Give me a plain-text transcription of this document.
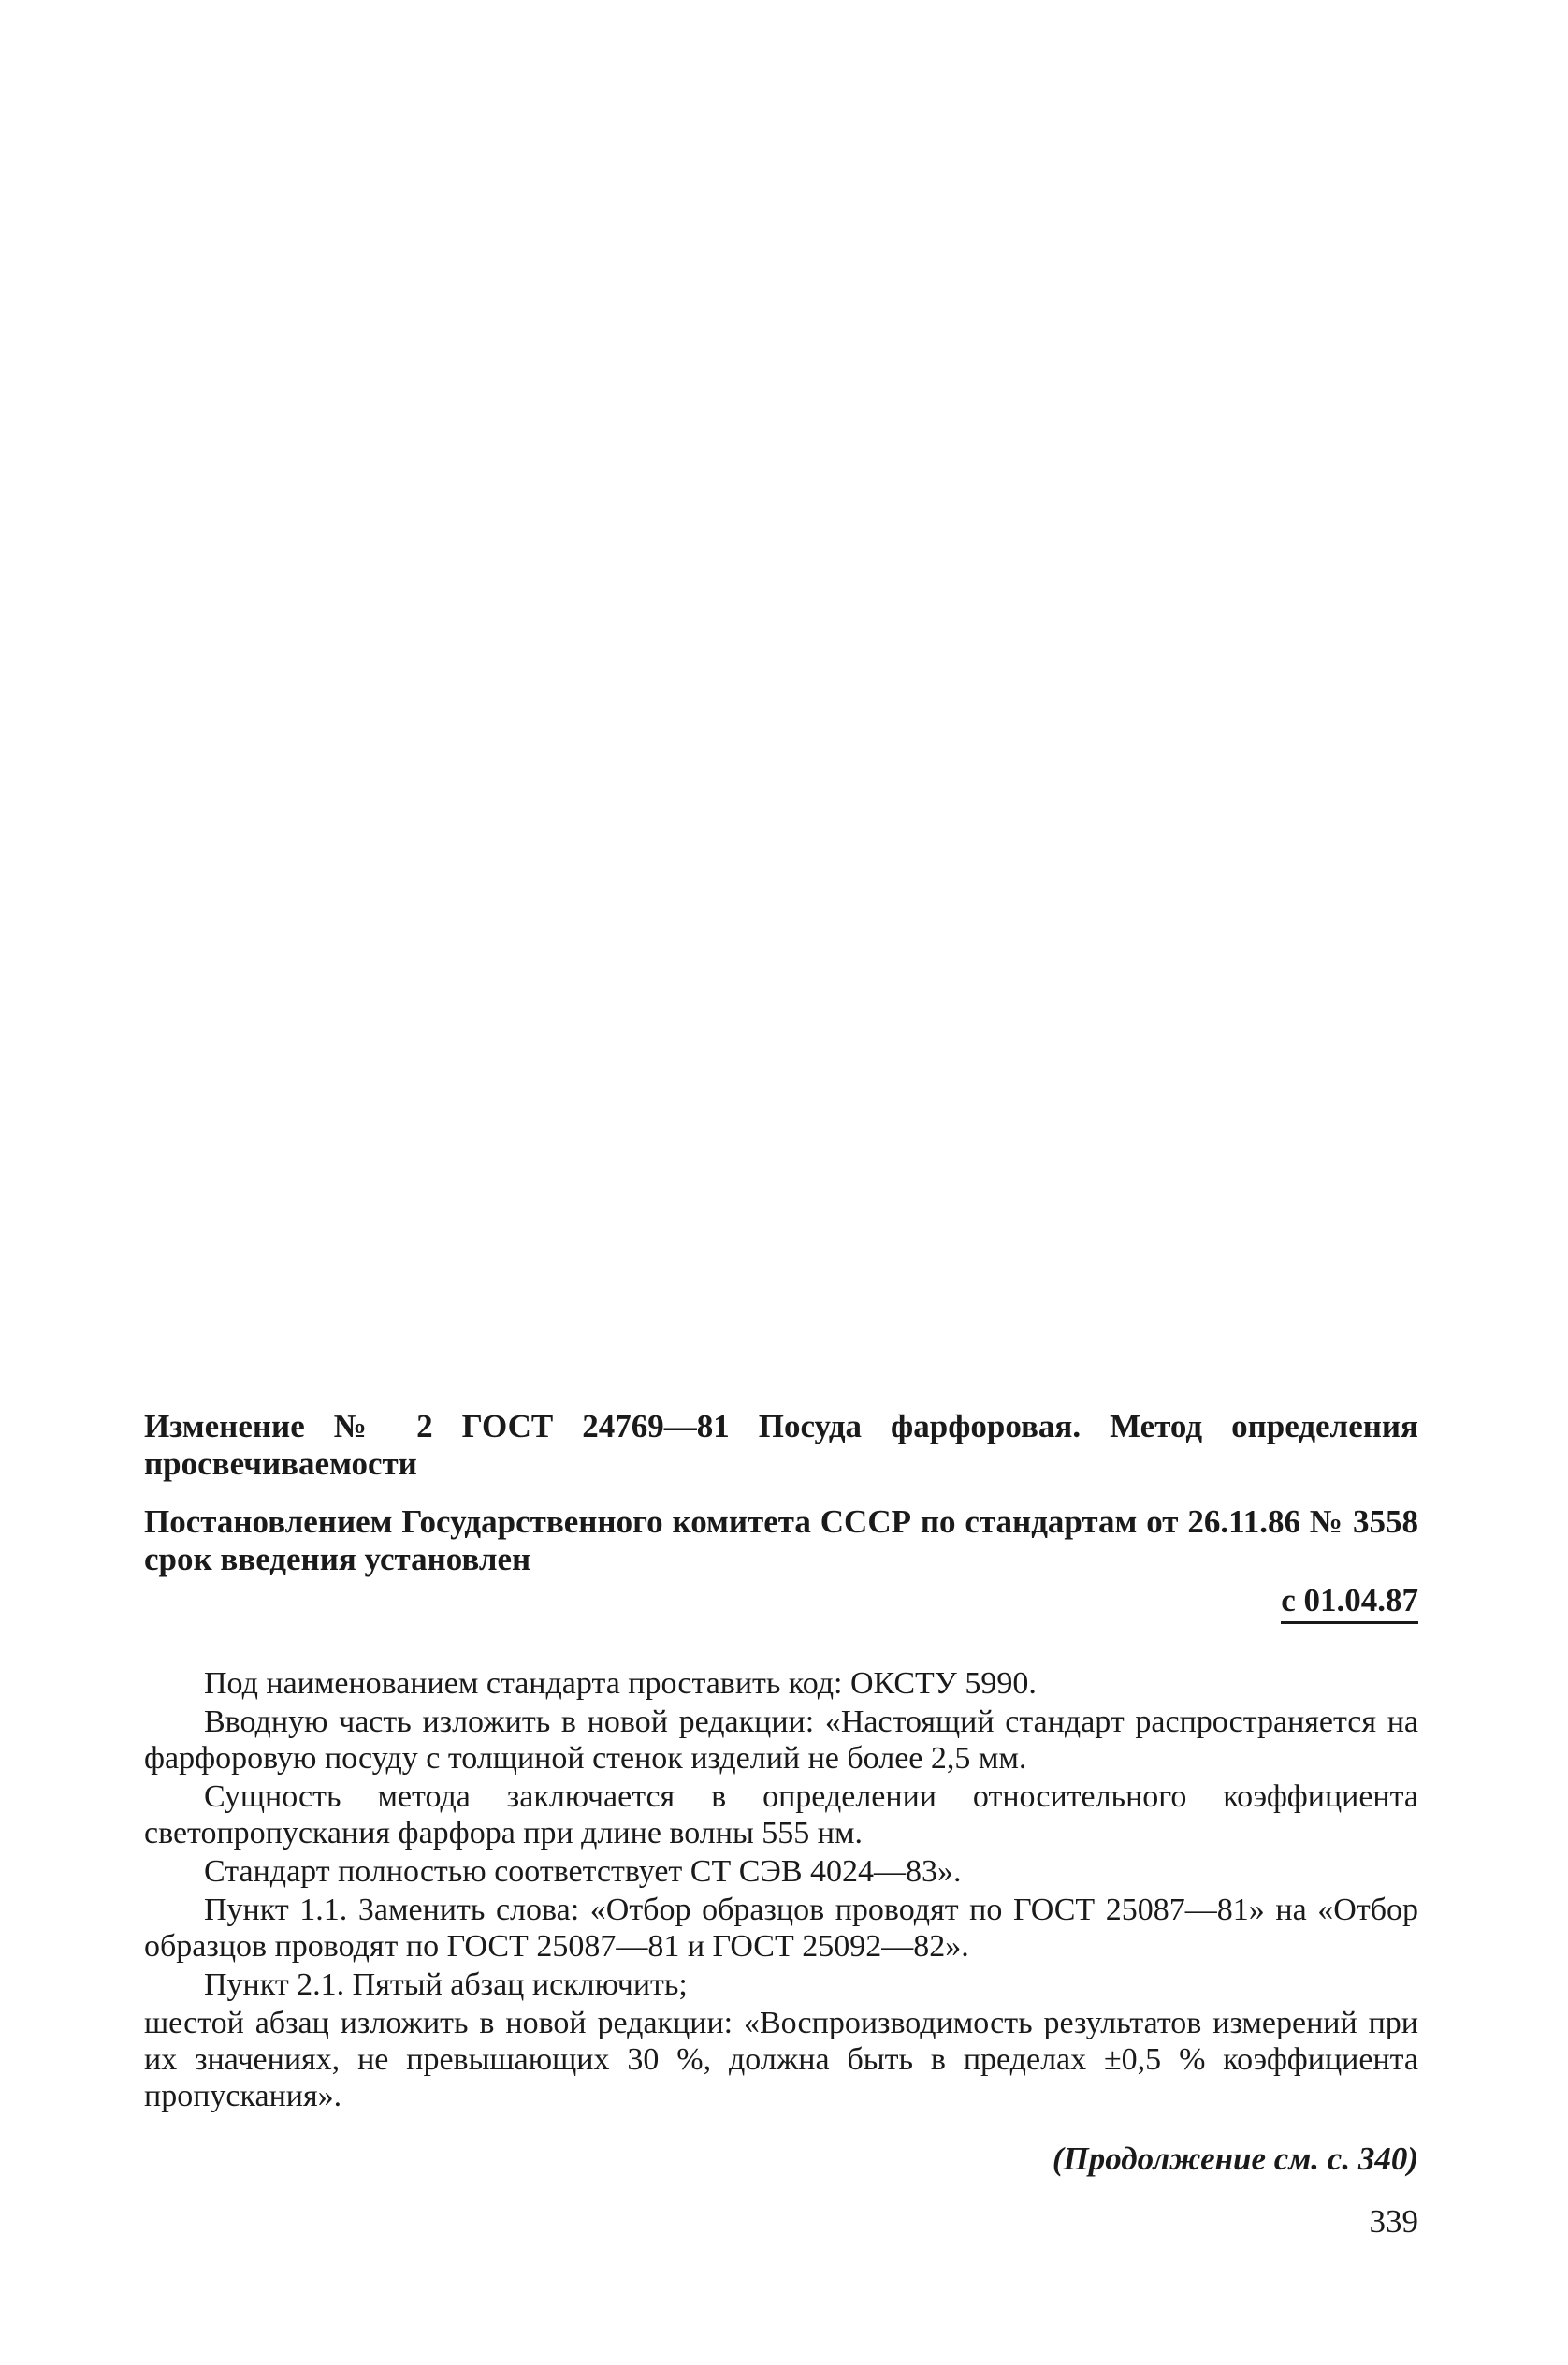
Изменение № 2 ГОСТ 24769—81 Посуда фарфоровая. Метод определения просвечиваемости

Постановлением Государственного комитета СССР по стандартам от 26.11.86 № 3558 срок введения установлен

с 01.04.87

Под наименованием стандарта проставить код: ОКСТУ 5990.

Вводную часть изложить в новой редакции: «Настоящий стандарт распространяется на фарфоровую посуду с толщиной стенок изделий не более 2,5 мм.

Сущность метода заключается в определении относительного коэффициента светопропускания фарфора при длине волны 555 нм.

Стандарт полностью соответствует СТ СЭВ 4024—83».

Пункт 1.1. Заменить слова: «Отбор образцов проводят по ГОСТ 25087—81» на «Отбор образцов проводят по ГОСТ 25087—81 и ГОСТ 25092—82».

Пункт 2.1. Пятый абзац исключить;

шестой абзац изложить в новой редакции: «Воспроизводимость результатов измерений при их значениях, не превышающих 30 %, должна быть в пределах ±0,5 % коэффициента пропускания».

(Продолжение см. с. 340)
339
